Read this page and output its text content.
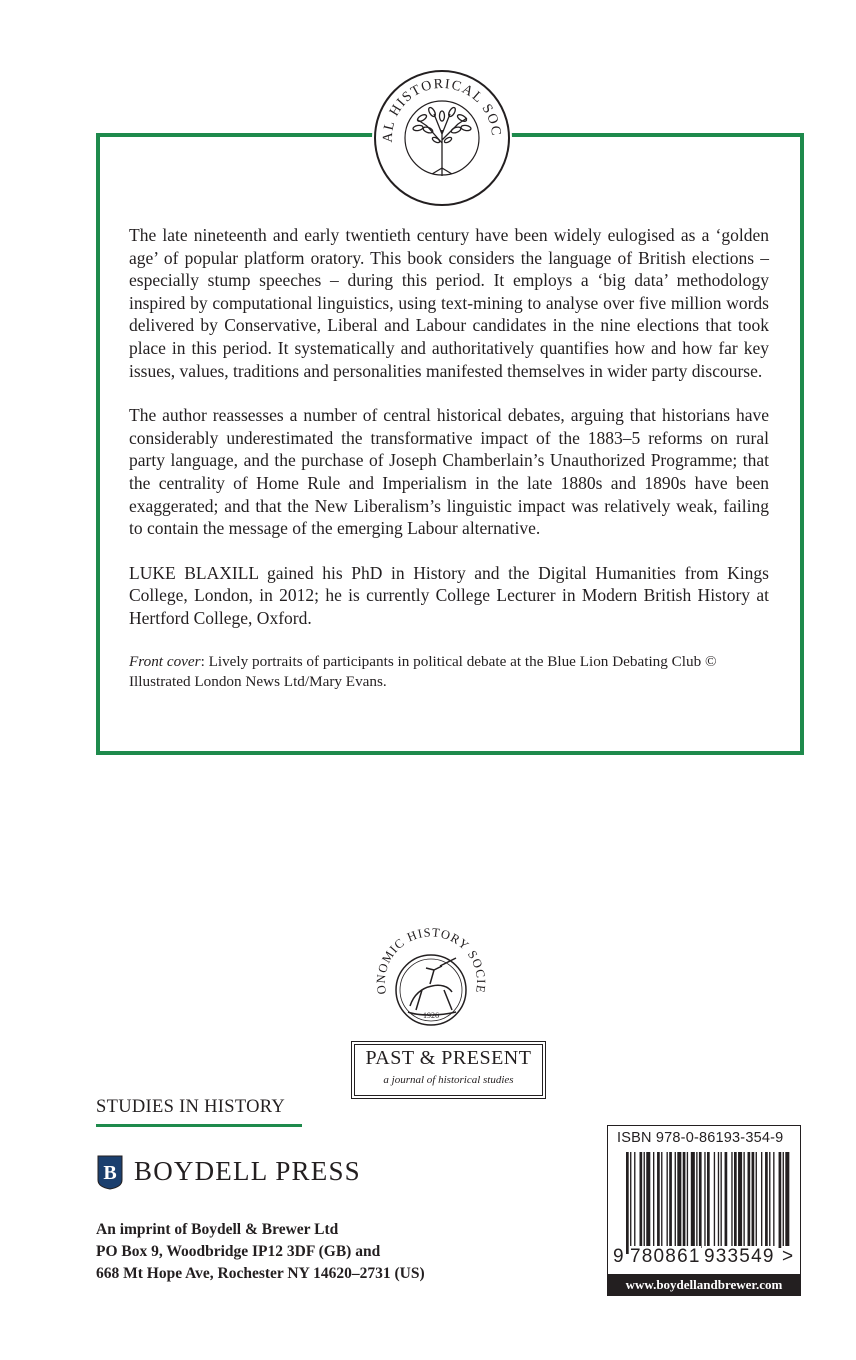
AL HISTORICAL SOC

The late nineteenth and early twentieth century have been widely eulogised as a ‘golden age’ of popular platform oratory. This book considers the language of British elections – especially stump speeches – during this period. It employs a ‘big data’ methodology inspired by computational linguistics, using text-mining to analyse over five million words delivered by Conservative, Liberal and Labour candidates in the nine elections that took place in this period. It systematically and authoritatively quantifies how and how far key issues, values, traditions and personalities manifested themselves in wider party discourse.

The author reassesses a number of central historical debates, arguing that historians have considerably underestimated the transformative impact of the 1883–5 reforms on rural party language, and the purchase of Joseph Chamberlain’s Unauthorized Programme; that the centrality of Home Rule and Imperialism in the late 1880s and 1890s have been exaggerated; and that the New Liberalism’s linguistic impact was relatively weak, failing to contain the message of the emerging Labour alternative.

LUKE BLAXILL gained his PhD in History and the Digital Humanities from Kings College, London, in 2012; he is currently College Lecturer in Modern British History at Hertford College, Oxford.

Front cover: Lively portraits of participants in political debate at the Blue Lion Debating Club © Illustrated London News Ltd/Mary Evans.

ONOMIC HISTORY SOCIE
1926
PAST & PRESENT
a journal of historical studies
STUDIES IN HISTORY
B BOYDELL PRESS
An imprint of Boydell & Brewer Ltd
PO Box 9, Woodbridge IP12 3DF (GB) and
668 Mt Hope Ave, Rochester NY 14620–2731 (US)
ISBN 978-0-86193-354-9
9 780861 933549 >
www.boydellandbrewer.com
